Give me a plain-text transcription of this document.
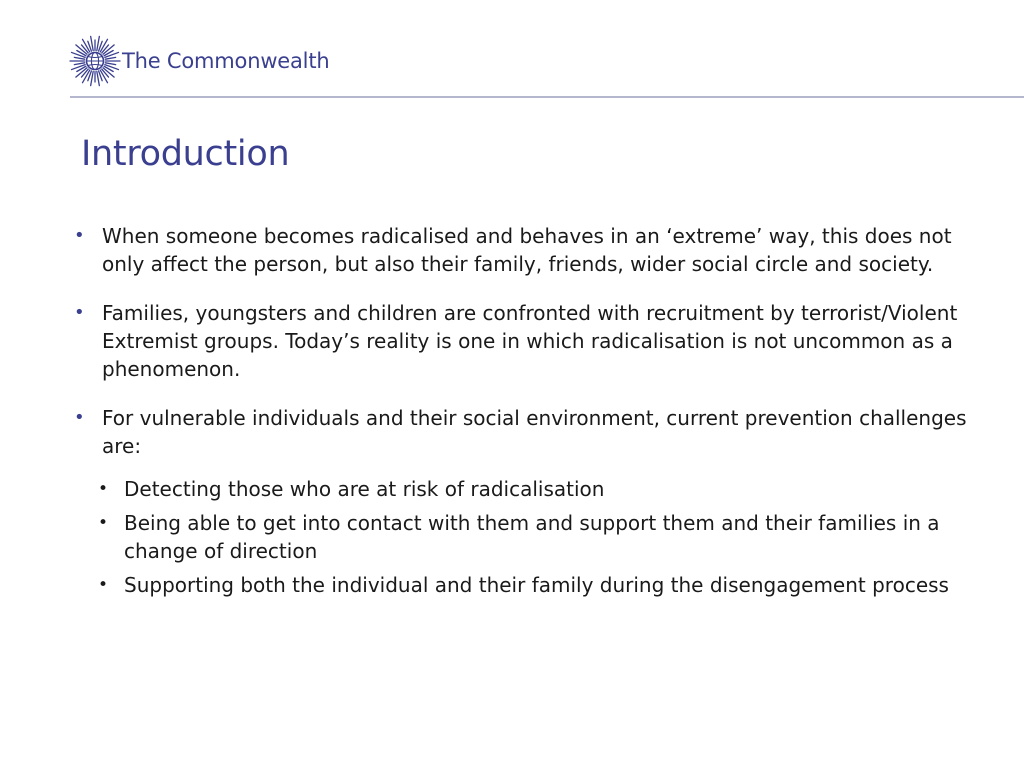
The Commonwealth
Introduction
• When someone becomes radicalised and behaves in an ‘extreme’ way, this does not only affect the person, but also their family, friends, wider social circle and society.
• Families, youngsters and children are confronted with recruitment by terrorist/Violent Extremist groups. Today’s reality is one in which radicalisation is not uncommon as a phenomenon.
• For vulnerable individuals and their social environment, current prevention challenges are:
• Detecting those who are at risk of radicalisation
• Being able to get into contact with them and support them and their families in a change of direction
• Supporting both the individual and their family during the disengagement process
